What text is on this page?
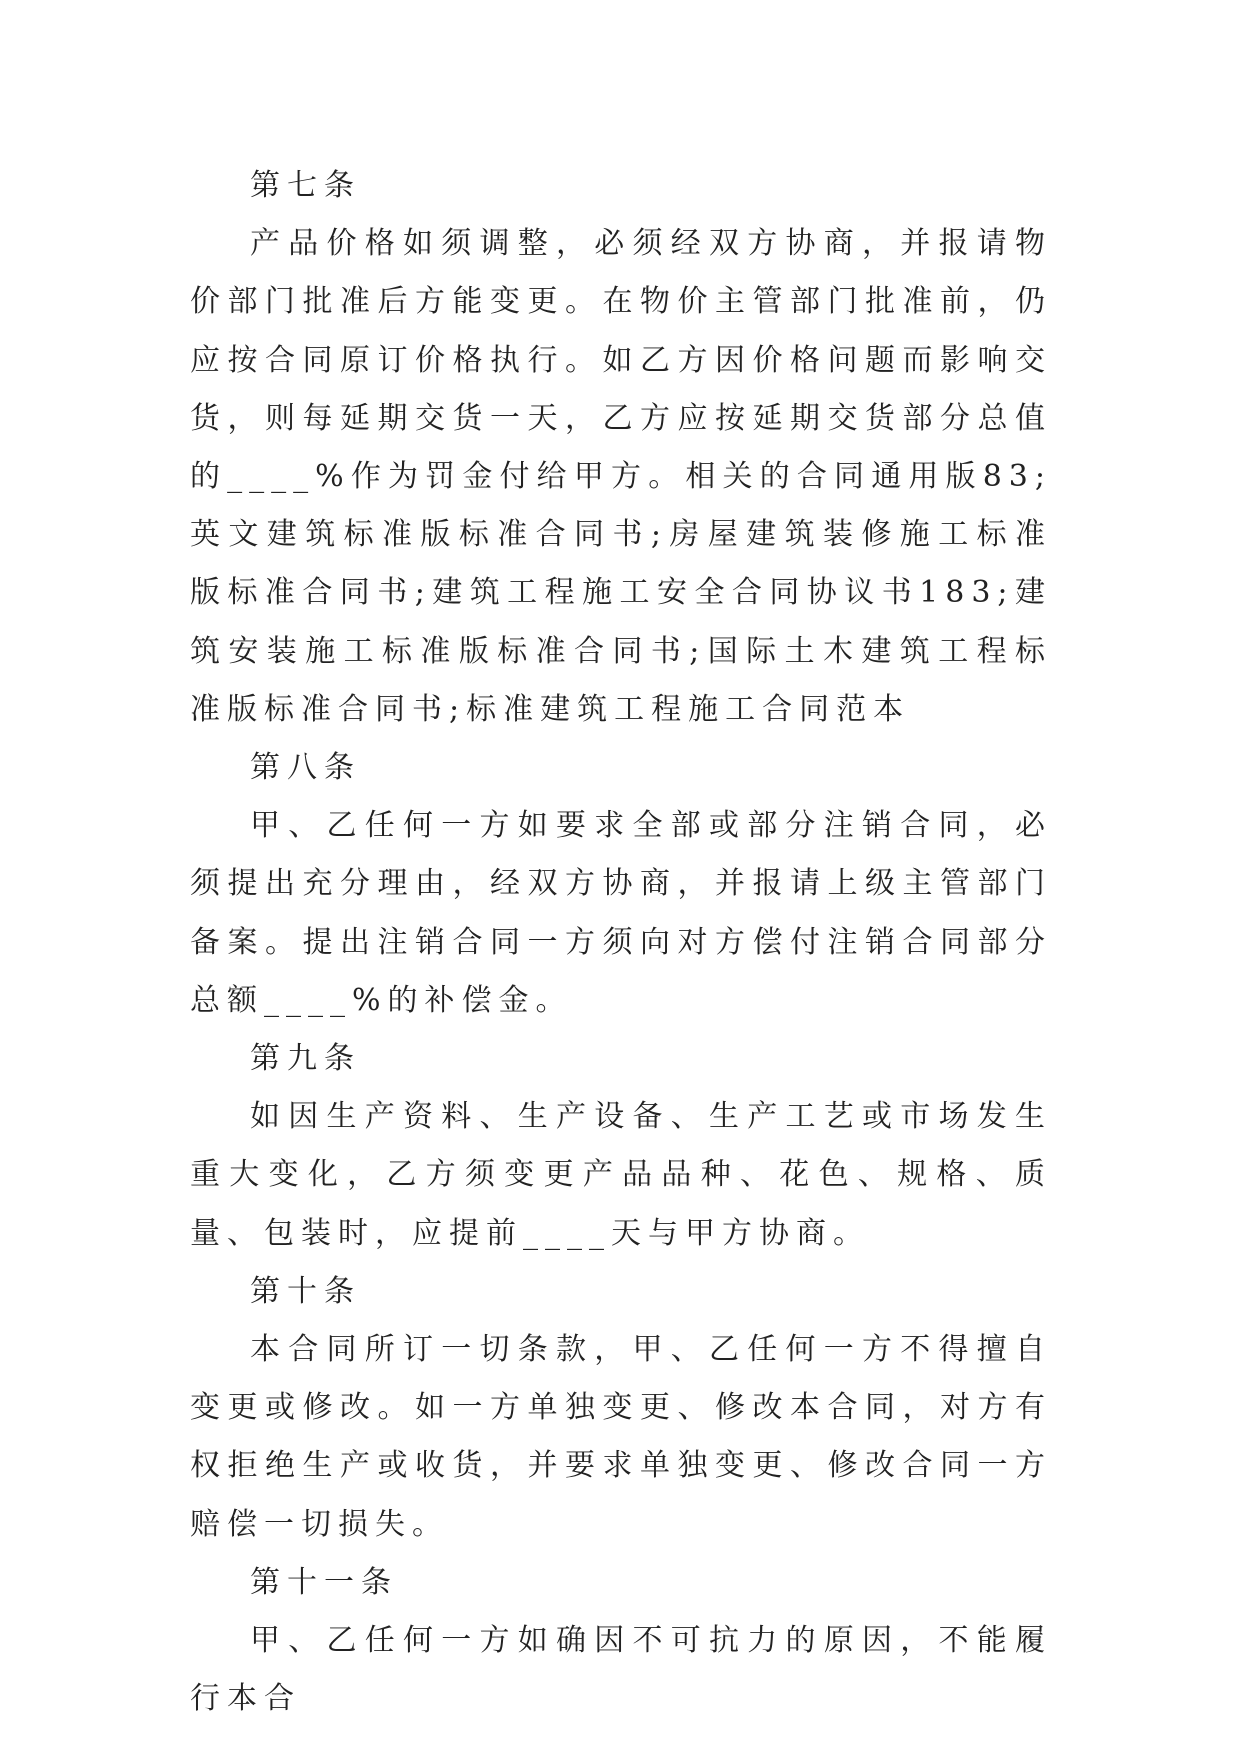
第七条

产品价格如须调整，必须经双方协商，并报请物价部门批准后方能变更。在物价主管部门批准前，仍应按合同原订价格执行。如乙方因价格问题而影响交货，则每延期交货一天，乙方应按延期交货部分总值的____%作为罚金付给甲方。相关的合同通用版83;英文建筑标准版标准合同书;房屋建筑装修施工标准版标准合同书;建筑工程施工安全合同协议书183;建筑安装施工标准版标准合同书;国际土木建筑工程标准版标准合同书;标准建筑工程施工合同范本

第八条

甲、乙任何一方如要求全部或部分注销合同，必须提出充分理由，经双方协商，并报请上级主管部门备案。提出注销合同一方须向对方偿付注销合同部分总额____%的补偿金。

第九条

如因生产资料、生产设备、生产工艺或市场发生重大变化，乙方须变更产品品种、花色、规格、质量、包装时，应提前____天与甲方协商。

第十条

本合同所订一切条款，甲、乙任何一方不得擅自变更或修改。如一方单独变更、修改本合同，对方有权拒绝生产或收货，并要求单独变更、修改合同一方赔偿一切损失。

第十一条

甲、乙任何一方如确因不可抗力的原因，不能履行本合
